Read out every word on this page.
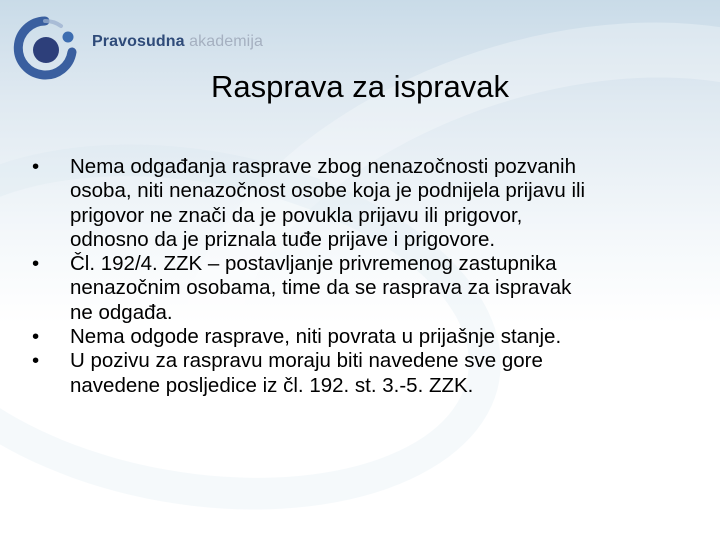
Pravosudna akademija
Rasprava za ispravak
• Nema odgađanja rasprave zbog nenazočnosti pozvanih
osoba, niti nenazočnost osobe koja je podnijela prijavu ili
prigovor ne znači da je povukla prijavu ili prigovor,
odnosno da je priznala tuđe prijave i prigovore.
• Čl. 192/4. ZZK – postavljanje privremenog zastupnika
nenazočnim osobama, time da se rasprava za ispravak
ne odgađa.
• Nema odgode rasprave, niti povrata u prijašnje stanje.
• U pozivu za raspravu moraju biti navedene sve gore
navedene posljedice iz čl. 192. st. 3.-5. ZZK.
